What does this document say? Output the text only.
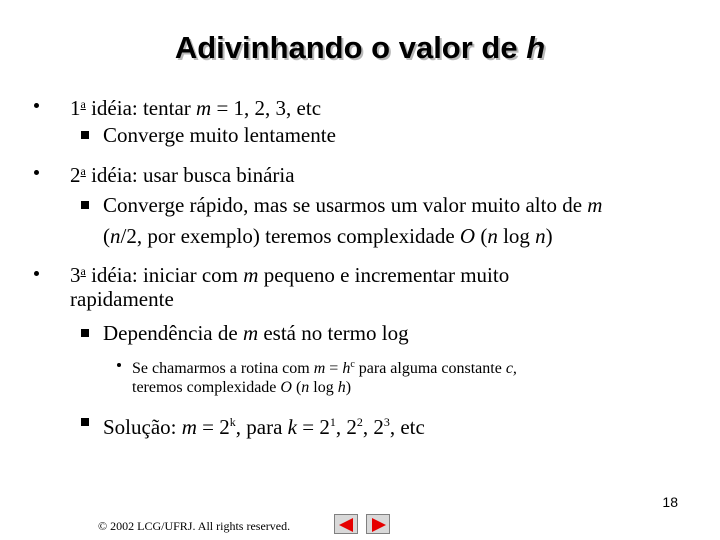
Adivinhando o valor de h
1$^a$ idéia: tentar m = 1, 2, 3, etc
Converge muito lentamente
2$^a$ idéia: usar busca binária
Converge rápido, mas se usarmos um valor muito alto de m
(n/2, por exemplo) teremos complexidade O (n log n)
3$^a$ idéia: iniciar com m pequeno e incrementar muito
rapidamente
Dependência de m está no termo log
Se chamarmos a rotina com $m = h^c$ para alguma constante c,
teremos complexidade O (n log h)
Solução: $m = 2^k$, para $k = 2^1$, $2^2$, $2^3$, etc
18
© 2002 LCG/UFRJ. All rights reserved.
